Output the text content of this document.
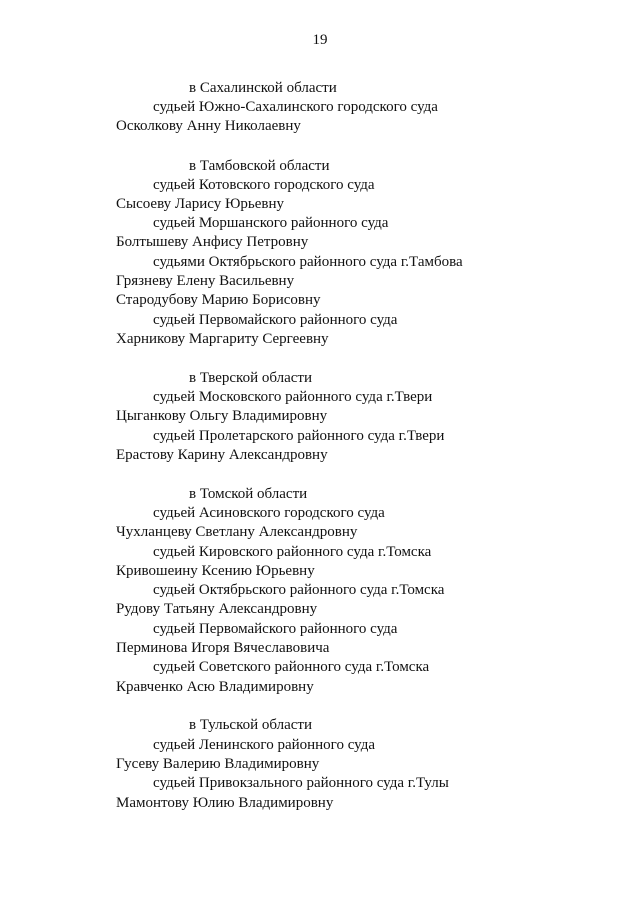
19
в Сахалинской области
судьей Южно-Сахалинского городского суда
Осколкову Анну Николаевну
в Тамбовской области
судьей Котовского городского суда
Сысоеву Ларису Юрьевну
судьей Моршанского районного суда
Болтышеву Анфису Петровну
судьями Октябрьского районного суда г.Тамбова
Грязневу Елену Васильевну
Стародубову Марию Борисовну
судьей Первомайского районного суда
Харникову Маргариту Сергеевну
в Тверской области
судьей Московского районного суда г.Твери
Цыганкову Ольгу Владимировну
судьей Пролетарского районного суда г.Твери
Ерастову Карину Александровну
в Томской области
судьей Асиновского городского суда
Чухланцеву Светлану Александровну
судьей Кировского районного суда г.Томска
Кривошеину Ксению Юрьевну
судьей Октябрьского районного суда г.Томска
Рудову Татьяну Александровну
судьей Первомайского районного суда
Перминова Игоря Вячеславовича
судьей Советского районного суда г.Томска
Кравченко Асю Владимировну
в Тульской области
судьей Ленинского районного суда
Гусеву Валерию Владимировну
судьей Привокзального районного суда г.Тулы
Мамонтову Юлию Владимировну
